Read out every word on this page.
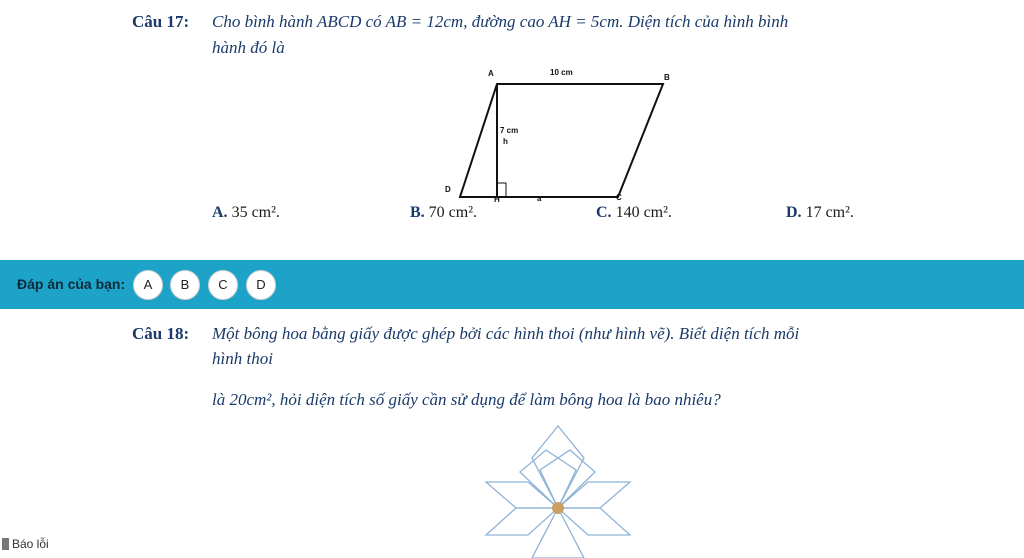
Câu 17: Cho bình hành ABCD có AB = 12cm, đường cao AH = 5cm. Diện tích của hình bình
hành đó là
A	B
C
D
H
10 cm
7 cm
h
a
A. 35 cm².	B. 70 cm².	C. 140 cm².	D. 17 cm².
Đáp án của bạn:	A	B	C	D
Câu 18: Một bông hoa bằng giấy được ghép bởi các hình thoi (như hình vẽ). Biết diện tích mỗi
hình thoi
là 20cm², hỏi diện tích số giấy cần sử dụng để làm bông hoa là bao nhiêu?
Báo lỗi
